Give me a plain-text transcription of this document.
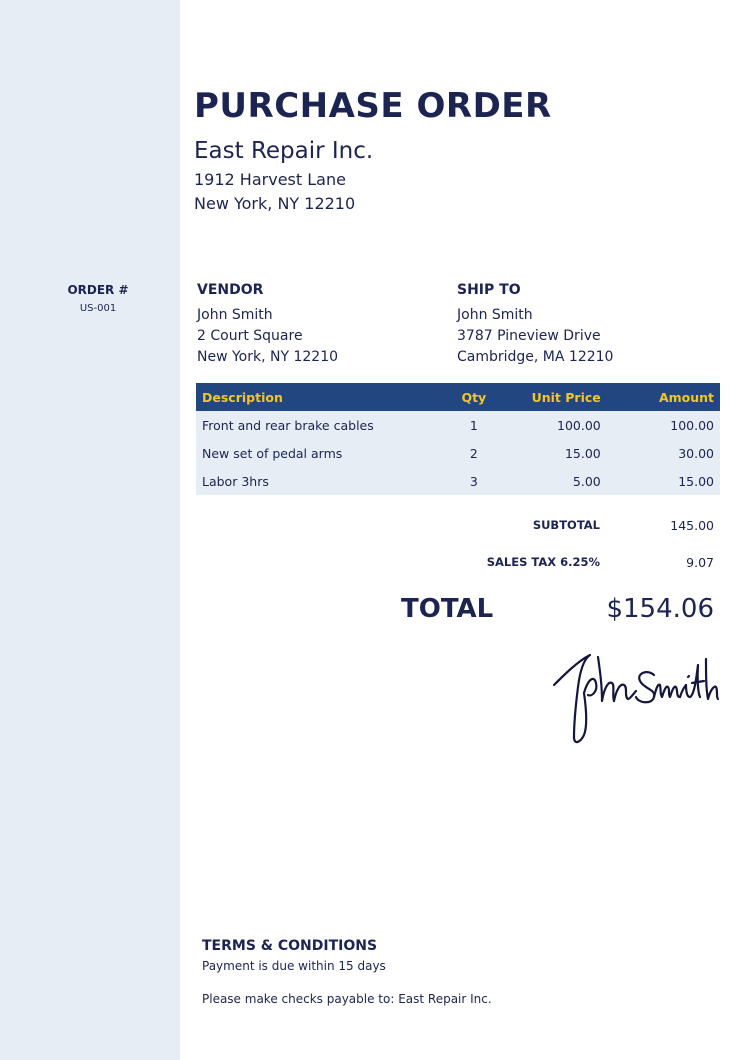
ORDER #
US-001
PURCHASE ORDER
East Repair Inc.
1912 Harvest Lane
New York, NY 12210
VENDOR
John Smith
2 Court Square
New York, NY 12210
SHIP TO
John Smith
3787 Pineview Drive
Cambridge, MA 12210
Description	Qty	Unit Price	Amount
Front and rear brake cables	1	100.00	100.00
New set of pedal arms	2	15.00	30.00
Labor 3hrs	3	5.00	15.00
SUBTOTAL	145.00
SALES TAX 6.25%	9.07
TOTAL	$154.06
TERMS & CONDITIONS
Payment is due within 15 days
Please make checks payable to: East Repair Inc.
